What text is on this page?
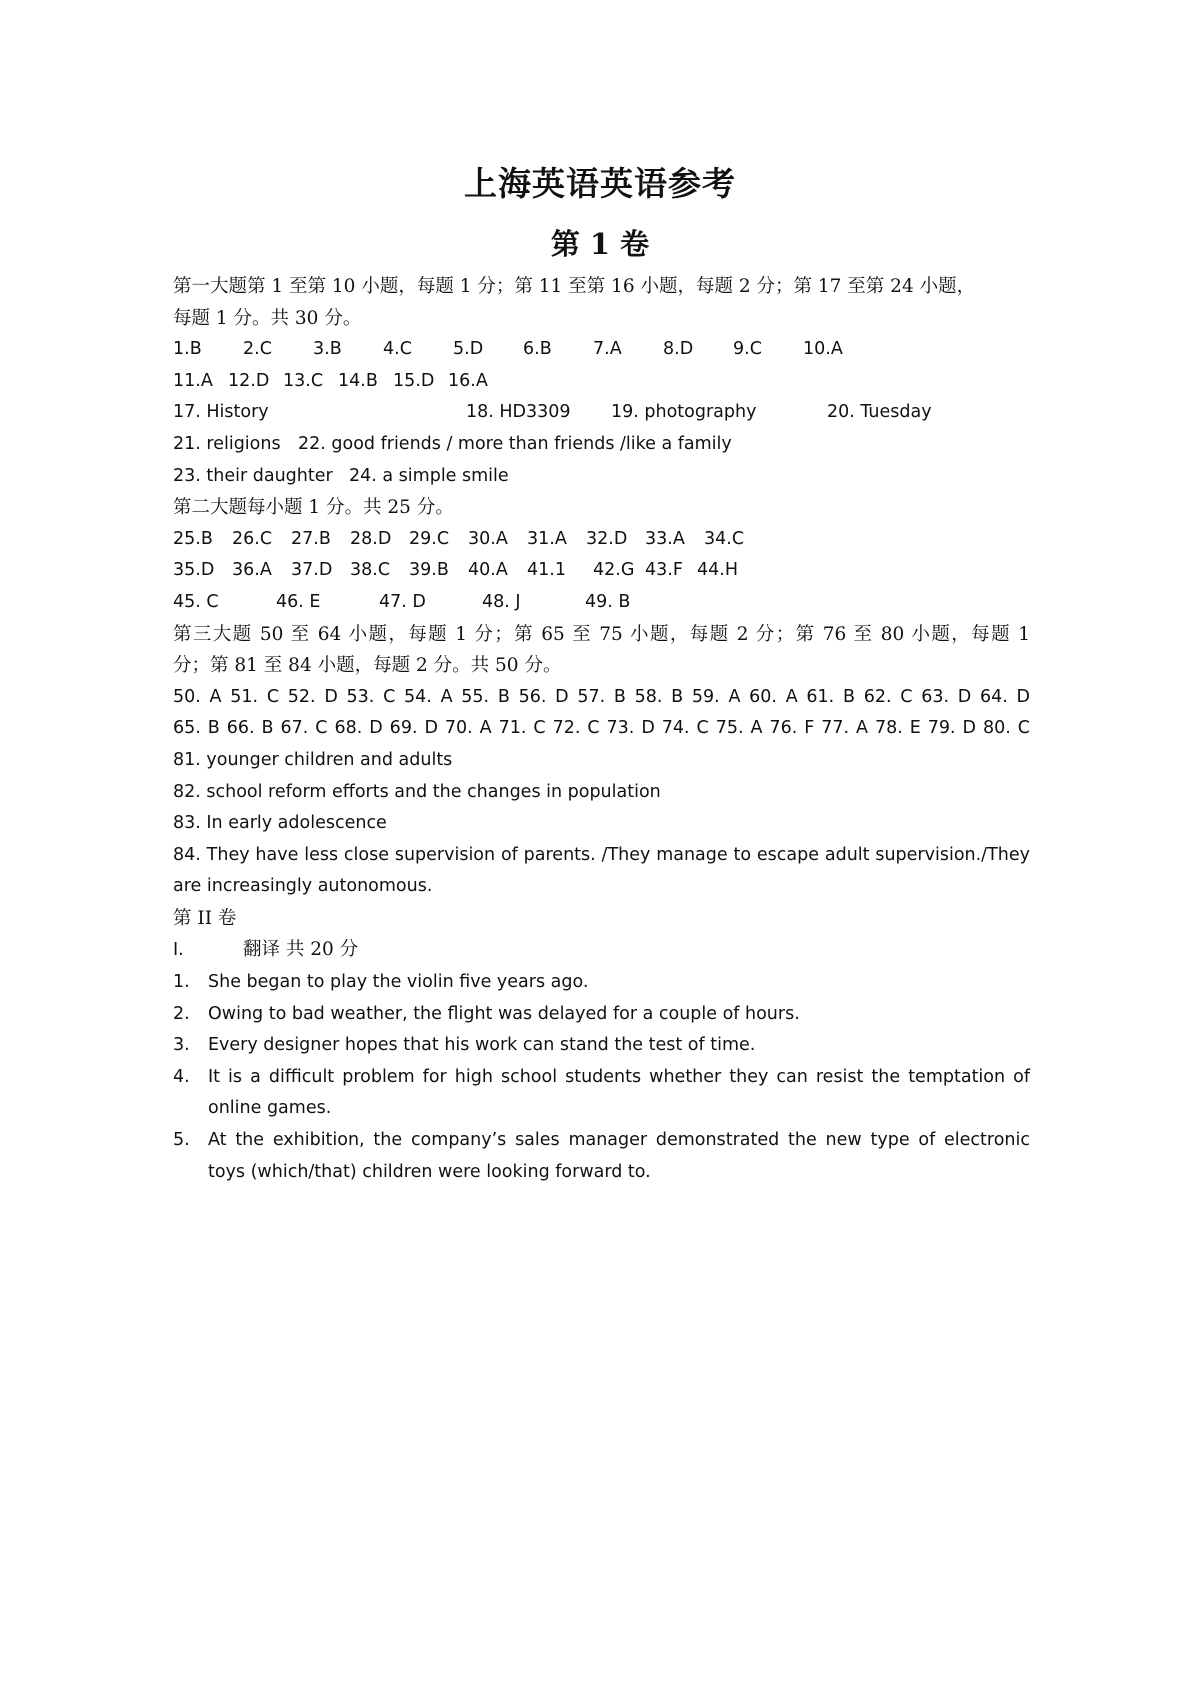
上海英语英语参考
第 1 卷
第一大题第 1 至第 10 小题，每题 1 分；第 11 至第 16 小题，每题 2 分；第 17 至第 24 小题，
每题 1 分。共 30 分。
1.B 2.C 3.B 4.C 5.D 6.B 7.A 8.D 9.C 10.A
11.A 12.D 13.C 14.B 15.D 16.A
17. History	18. HD3309 19. photography	20. Tuesday
21. religions 22. good friends / more than friends /like a family
23. their daughter 24. a simple smile
第二大题每小题 1 分。共 25 分。
25.B 26.C 27.B 28.D 29.C 30.A 31.A 32.D 33.A 34.C
35.D 36.A 37.D 38.C 39.B 40.A 41.1 42.G 43.F 44.H
45. C	46. E	47. D	48. J	49. B
第三大题 50 至 64 小题，每题 1 分；第 65 至 75 小题，每题 2 分；第 76 至 80 小题，每题 1
分；第 81 至 84 小题，每题 2 分。共 50 分。
50. A 51. C 52. D 53. C 54. A 55. B 56. D 57. B 58. B 59. A 60. A 61. B 62. C 63. D 64. D
65. B 66. B 67. C 68. D 69. D 70. A 71. C 72. C 73. D 74. C 75. A 76. F 77. A 78. E 79. D 80. C
81. younger children and adults
82. school reform efforts and the changes in population
83. In early adolescence
84. They have less close supervision of parents. /They manage to escape adult supervision./They are increasingly autonomous.
第 II 卷
I.	翻译 共 20 分
1.	She began to play the violin five years ago.
2.	Owing to bad weather, the flight was delayed for a couple of hours.
3.	Every designer hopes that his work can stand the test of time.
4.	It is a difficult problem for high school students whether they can resist the temptation of online games.
5.	At the exhibition, the company’s sales manager demonstrated the new type of electronic toys (which/that) children were looking forward to.
